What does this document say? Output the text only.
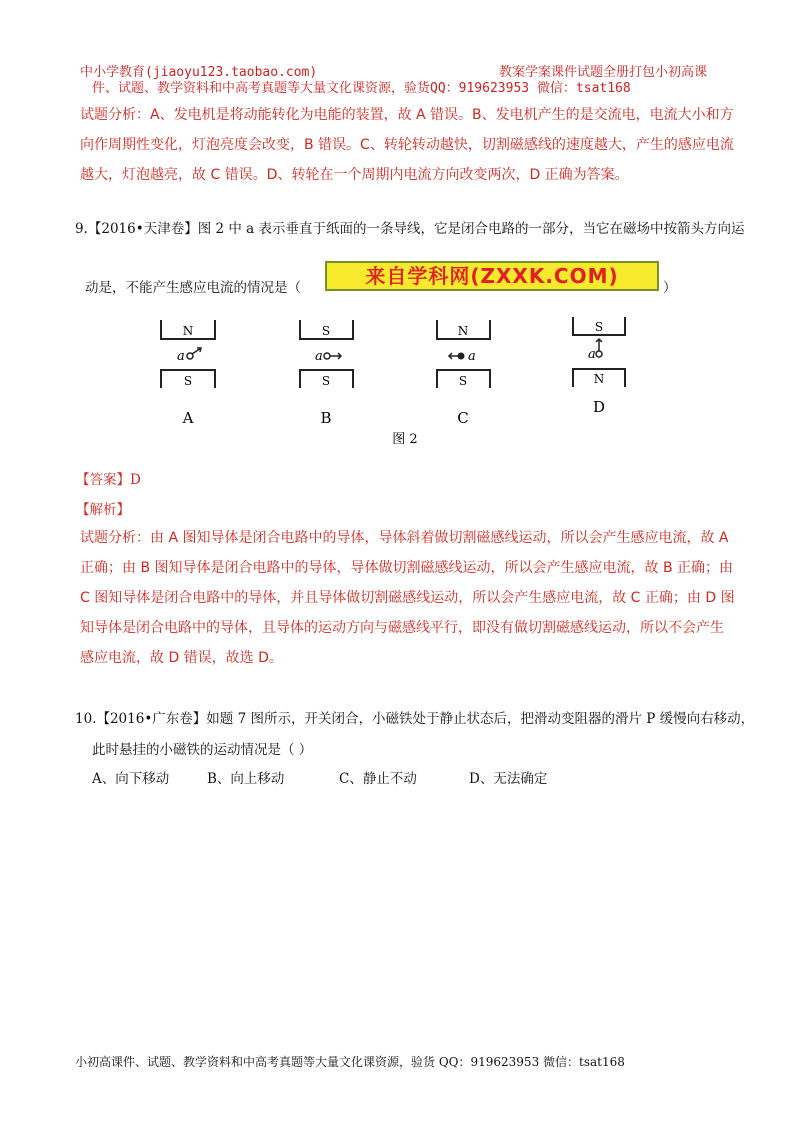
中小学教育(jiaoyu123.taobao.com)	教案学案课件试题全册打包小初高课
件、试题、教学资料和中高考真题等大量文化课资源，验货QQ：919623953 微信：tsat168
试题分析：A、发电机是将动能转化为电能的装置，故 A 错误。B、发电机产生的是交流电，电流大小和方
向作周期性变化，灯泡亮度会改变，B 错误。C、转轮转动越快，切割磁感线的速度越大，产生的感应电流
越大，灯泡越亮，故 C 错误。D、转轮在一个周期内电流方向改变两次，D 正确为答案。
9.【2016•天津卷】图 2 中 a 表示垂直于纸面的一条导线，它是闭合电路的一部分，当它在磁场中按箭头方向运
动是，不能产生感应电流的情况是（	来自学科网(ZXXK.COM)	）
N
a
S
A
S
a
S
B
N
a
S
C
S
a
N
D
图 2
【答案】D
【解析】
试题分析：由 A 图知导体是闭合电路中的导体，导体斜着做切割磁感线运动，所以会产生感应电流，故 A
正确；由 B 图知导体是闭合电路中的导体，导体做切割磁感线运动，所以会产生感应电流，故 B 正确；由
C 图知导体是闭合电路中的导体，并且导体做切割磁感线运动，所以会产生感应电流，故 C 正确；由 D 图
知导体是闭合电路中的导体，且导体的运动方向与磁感线平行，即没有做切割磁感线运动，所以不会产生
感应电流，故 D 错误，故选 D。
10.【2016•广东卷】如题 7 图所示，开关闭合，小磁铁处于静止状态后，把滑动变阻器的滑片 P 缓慢向右移动，
此时悬挂的小磁铁的运动情况是（ ）
A、向下移动	B、向上移动	C、静止不动	D、无法确定
小初高课件、试题、教学资料和中高考真题等大量文化课资源，验货 QQ：919623953 微信：tsat168
